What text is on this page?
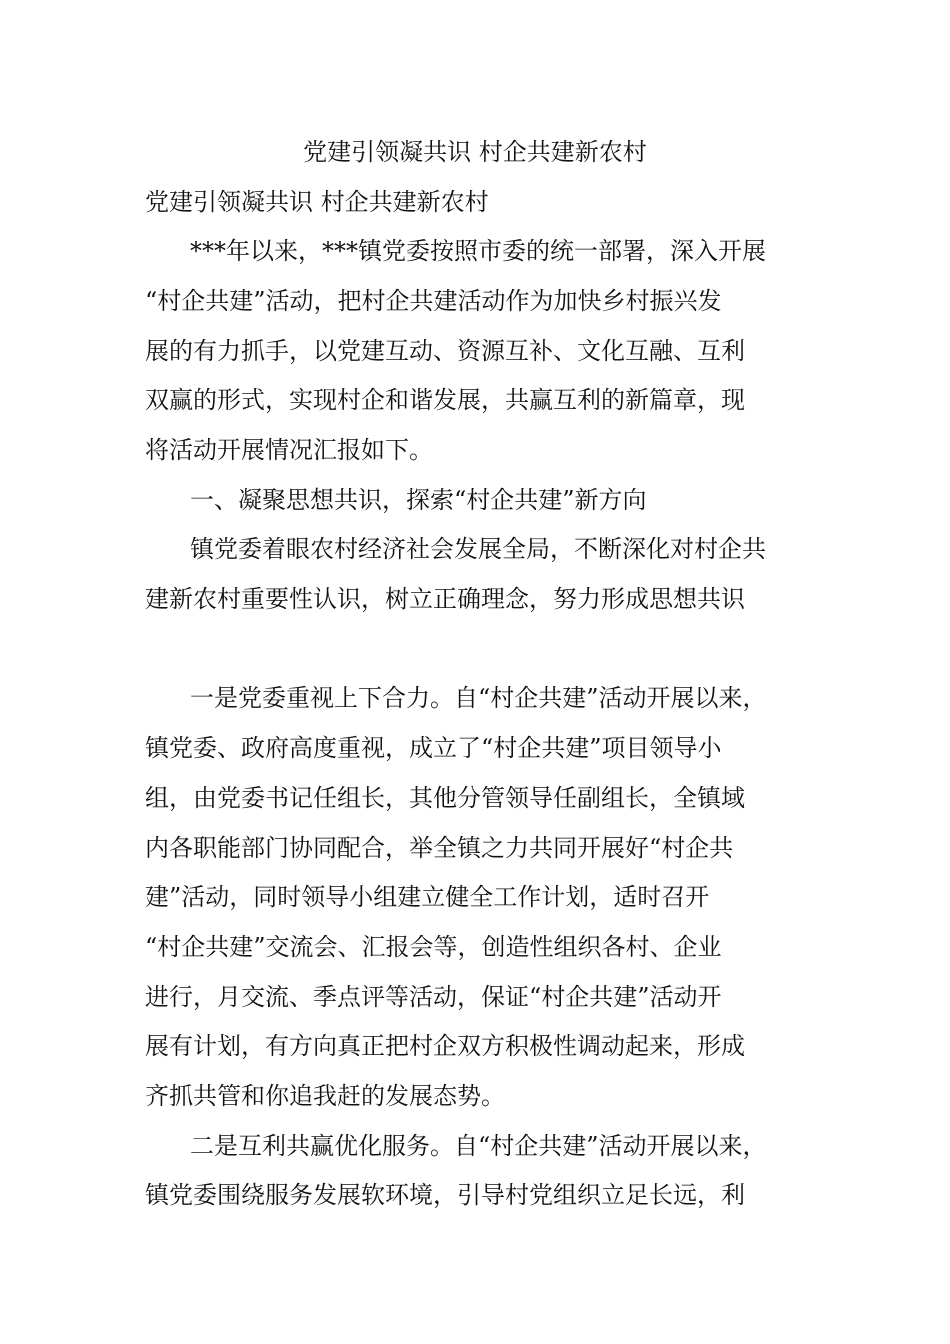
党建引领凝共识 村企共建新农村
党建引领凝共识 村企共建新农村
***年以来，***镇党委按照市委的统一部署，深入开展
“村企共建”活动，把村企共建活动作为加快乡村振兴发
展的有力抓手，以党建互动、资源互补、文化互融、互利
双赢的形式，实现村企和谐发展，共赢互利的新篇章，现
将活动开展情况汇报如下。
一、凝聚思想共识，探索“村企共建”新方向
镇党委着眼农村经济社会发展全局，不断深化对村企共
建新农村重要性认识，树立正确理念，努力形成思想共识
一是党委重视上下合力。自“村企共建”活动开展以来，
镇党委、政府高度重视，成立了“村企共建”项目领导小
组，由党委书记任组长，其他分管领导任副组长，全镇域
内各职能部门协同配合，举全镇之力共同开展好“村企共
建”活动，同时领导小组建立健全工作计划，适时召开
“村企共建”交流会、汇报会等，创造性组织各村、企业
进行，月交流、季点评等活动，保证“村企共建”活动开
展有计划，有方向真正把村企双方积极性调动起来，形成
齐抓共管和你追我赶的发展态势。
二是互利共赢优化服务。自“村企共建”活动开展以来，
镇党委围绕服务发展软环境，引导村党组织立足长远，利
